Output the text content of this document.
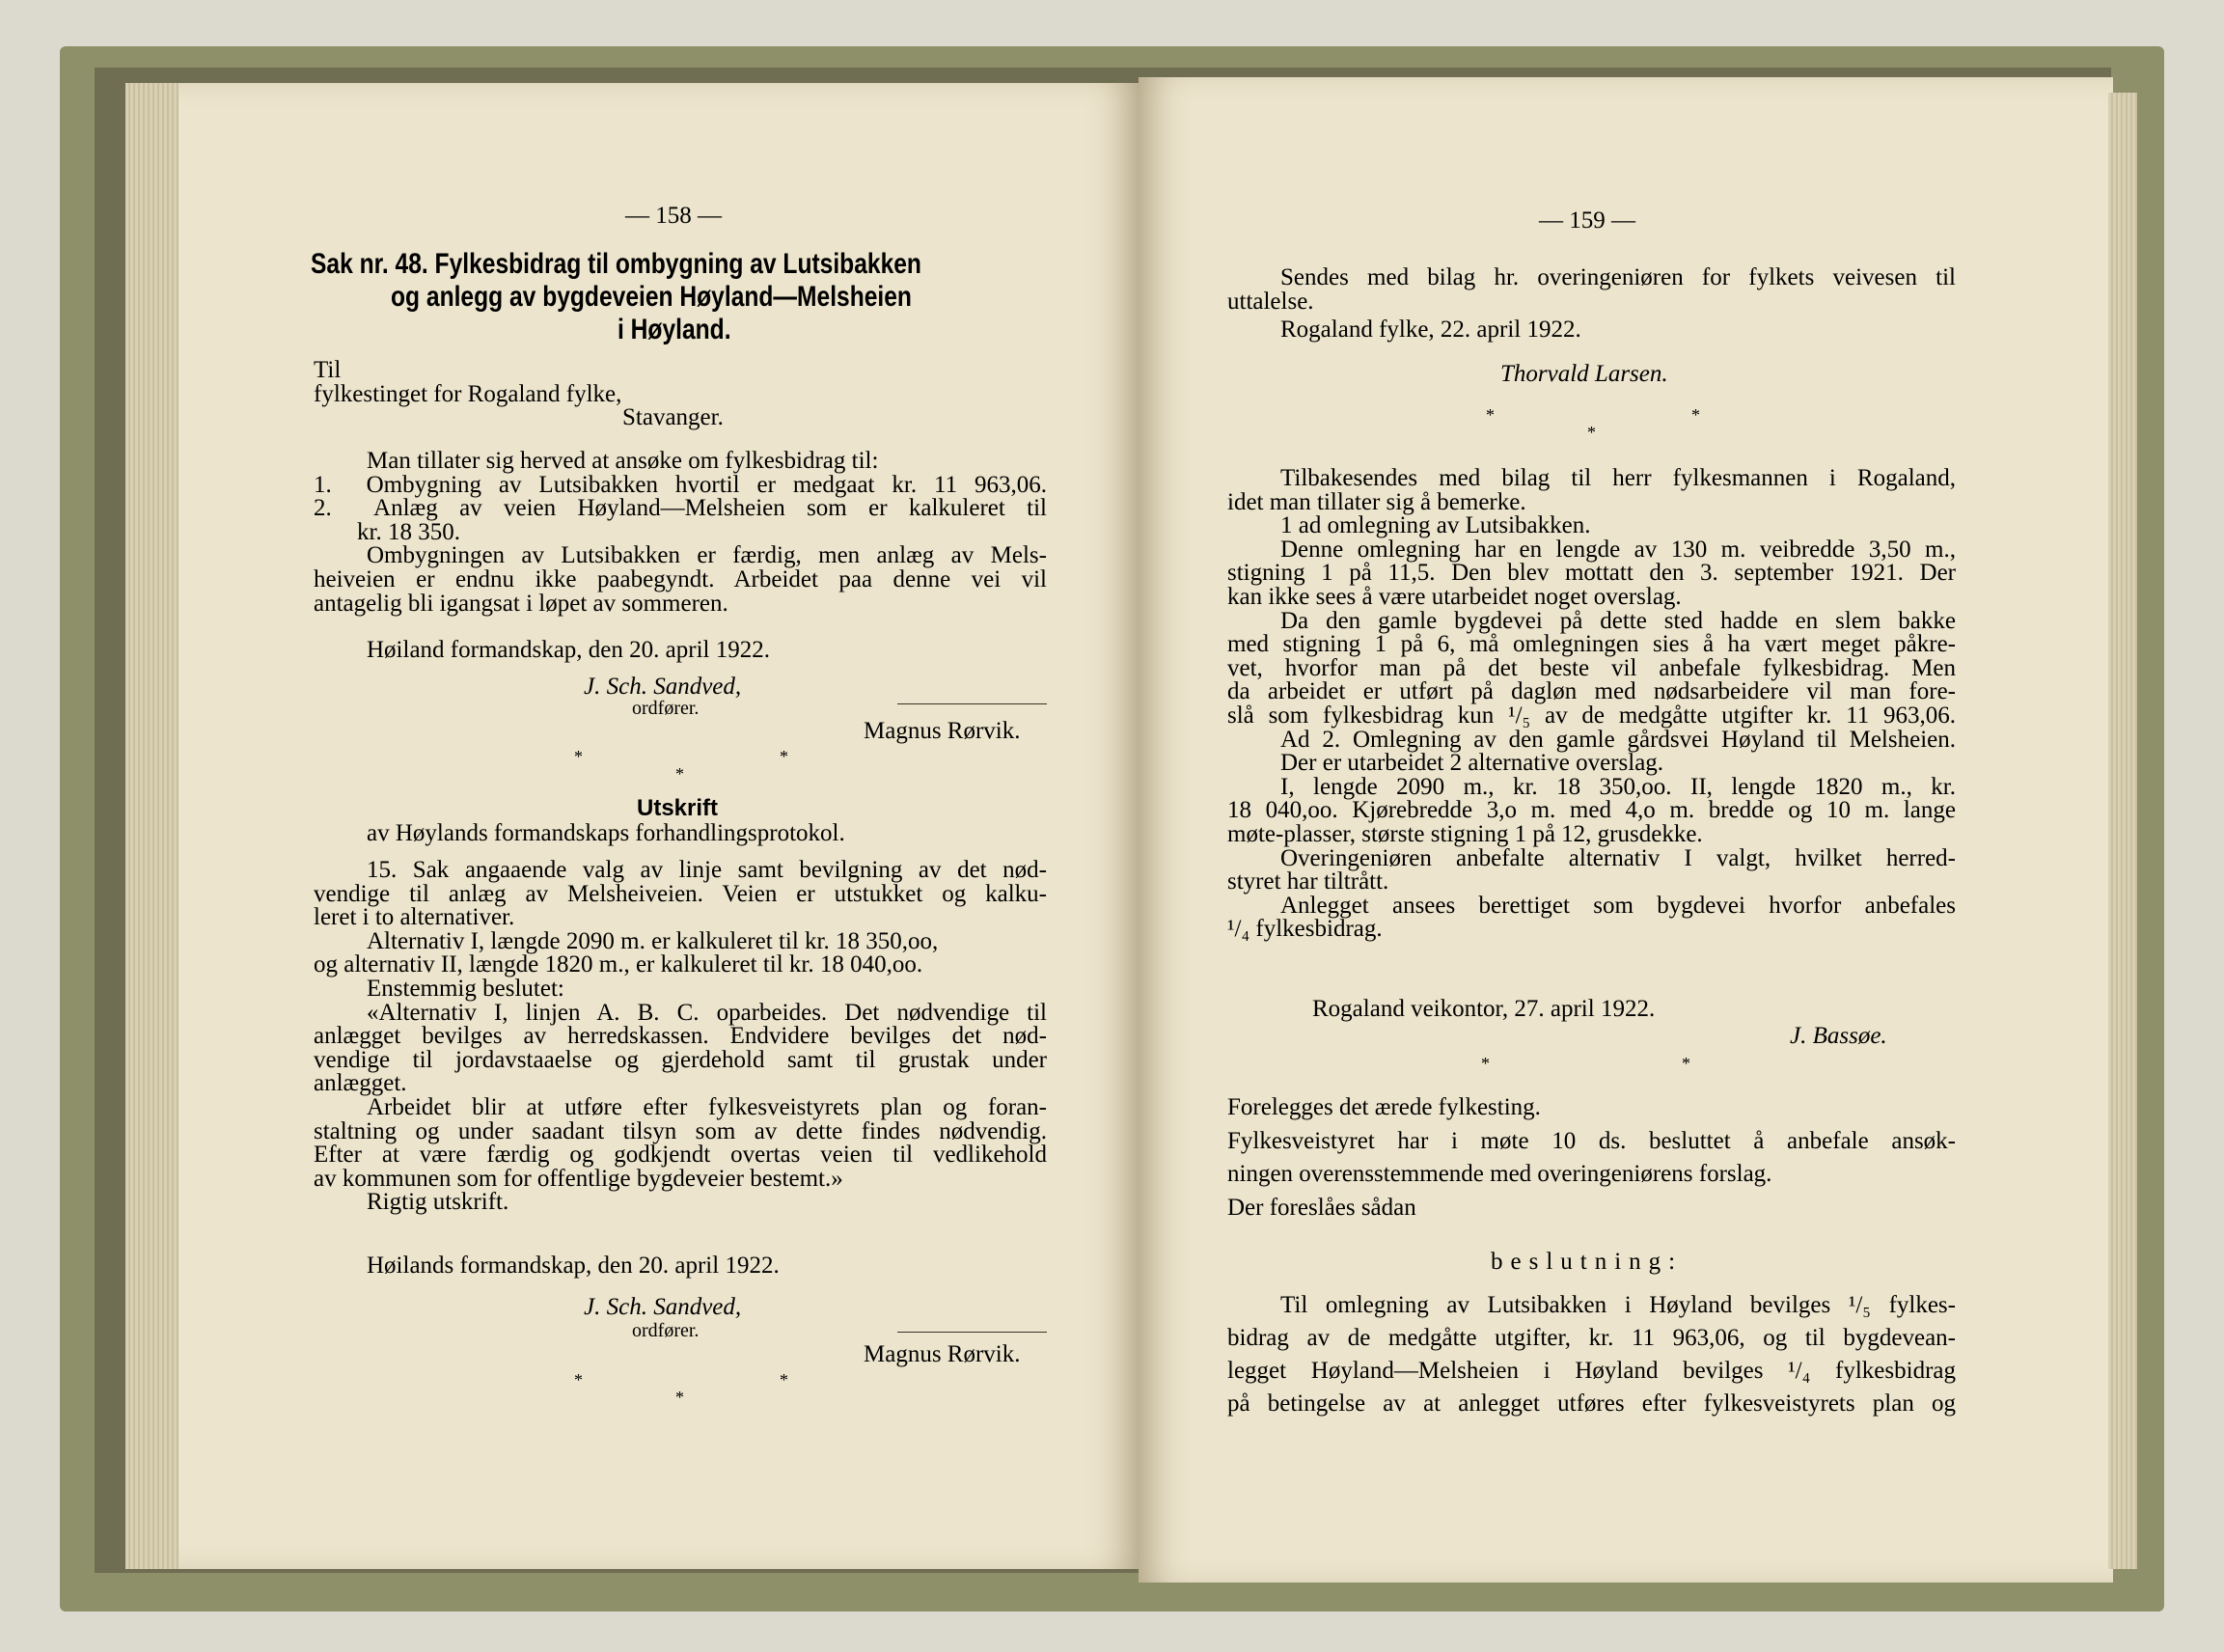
— 158 —
Sak nr. 48. Fylkesbidrag til ombygning av Lutsibakken
og anlegg av bygdeveien Høyland—Melsheien
i Høyland.
Til
fylkestinget for Rogaland fylke,
Stavanger.
Man tillater sig herved at ansøke om fylkesbidrag til:
1.  Ombygning av Lutsibakken hvortil er medgaat kr. 11 963,06.
2.  Anlæg av veien Høyland—Melsheien som er kalkuleret til
kr. 18 350.
Ombygningen av Lutsibakken er færdig, men anlæg av Mels-
heiveien er endnu ikke paabegyndt. Arbeidet paa denne vei vil
antagelig bli igangsat i løpet av sommeren.
Høiland formandskap, den 20. april 1922.
J. Sch. Sandved,
ordfører.
Magnus Rørvik.
*	*
*
Utskrift
av Høylands formandskaps forhandlingsprotokol.
15. Sak angaaende valg av linje samt bevilgning av det nød-
vendige til anlæg av Melsheiveien. Veien er utstukket og kalku-
leret i to alternativer.
Alternativ I, længde 2090 m. er kalkuleret til kr. 18 350,oo,
og alternativ II, længde 1820 m., er kalkuleret til kr. 18 040,oo.
Enstemmig beslutet:
«Alternativ I, linjen A. B. C. oparbeides. Det nødvendige til
anlægget bevilges av herredskassen. Endvidere bevilges det nød-
vendige til jordavstaaelse og gjerdehold samt til grustak under
anlægget.
Arbeidet blir at utføre efter fylkesveistyrets plan og foran-
staltning og under saadant tilsyn som av dette findes nødvendig.
Efter at være færdig og godkjendt overtas veien til vedlikehold
av kommunen som for offentlige bygdeveier bestemt.»
Rigtig utskrift.
Høilands formandskap, den 20. april 1922.
J. Sch. Sandved,
ordfører.
Magnus Rørvik.
*	*
*
— 159 —
Sendes med bilag hr. overingeniøren for fylkets veivesen til
uttalelse.
Rogaland fylke, 22. april 1922.
Thorvald Larsen.
*	*
*
Tilbakesendes med bilag til herr fylkesmannen i Rogaland,
idet man tillater sig å bemerke.
1 ad omlegning av Lutsibakken.
Denne omlegning har en lengde av 130 m. veibredde 3,50 m.,
stigning 1 på 11,5. Den blev mottatt den 3. september 1921. Der
kan ikke sees å være utarbeidet noget overslag.
Da den gamle bygdevei på dette sted hadde en slem bakke
med stigning 1 på 6, må omlegningen sies å ha vært meget påkre-
vet, hvorfor man på det beste vil anbefale fylkesbidrag. Men
da arbeidet er utført på dagløn med nødsarbeidere vil man fore-
slå som fylkesbidrag kun ¹/₅ av de medgåtte utgifter kr. 11 963,06.
Ad 2. Omlegning av den gamle gårdsvei Høyland til Melsheien.
Der er utarbeidet 2 alternative overslag.
I, lengde 2090 m., kr. 18 350,oo. II, lengde 1820 m., kr.
18 040,oo. Kjørebredde 3,o m. med 4,o m. bredde og 10 m. lange
møte-plasser, største stigning 1 på 12, grusdekke.
Overingeniøren anbefalte alternativ I valgt, hvilket herred-
styret har tiltrått.
Anlegget ansees berettiget som bygdevei hvorfor anbefales
¹/₄ fylkesbidrag.
Rogaland veikontor, 27. april 1922.
J. Bassøe.
*	*
Forelegges det ærede fylkesting.
Fylkesveistyret har i møte 10 ds. besluttet å anbefale ansøk-
ningen overensstemmende med overingeniørens forslag.
Der foreslåes sådan
beslutning:
Til omlegning av Lutsibakken i Høyland bevilges ¹/₅ fylkes-
bidrag av de medgåtte utgifter, kr. 11 963,06, og til bygdevean-
legget Høyland—Melsheien i Høyland bevilges ¹/₄ fylkesbidrag
på betingelse av at anlegget utføres efter fylkesveistyrets plan og
